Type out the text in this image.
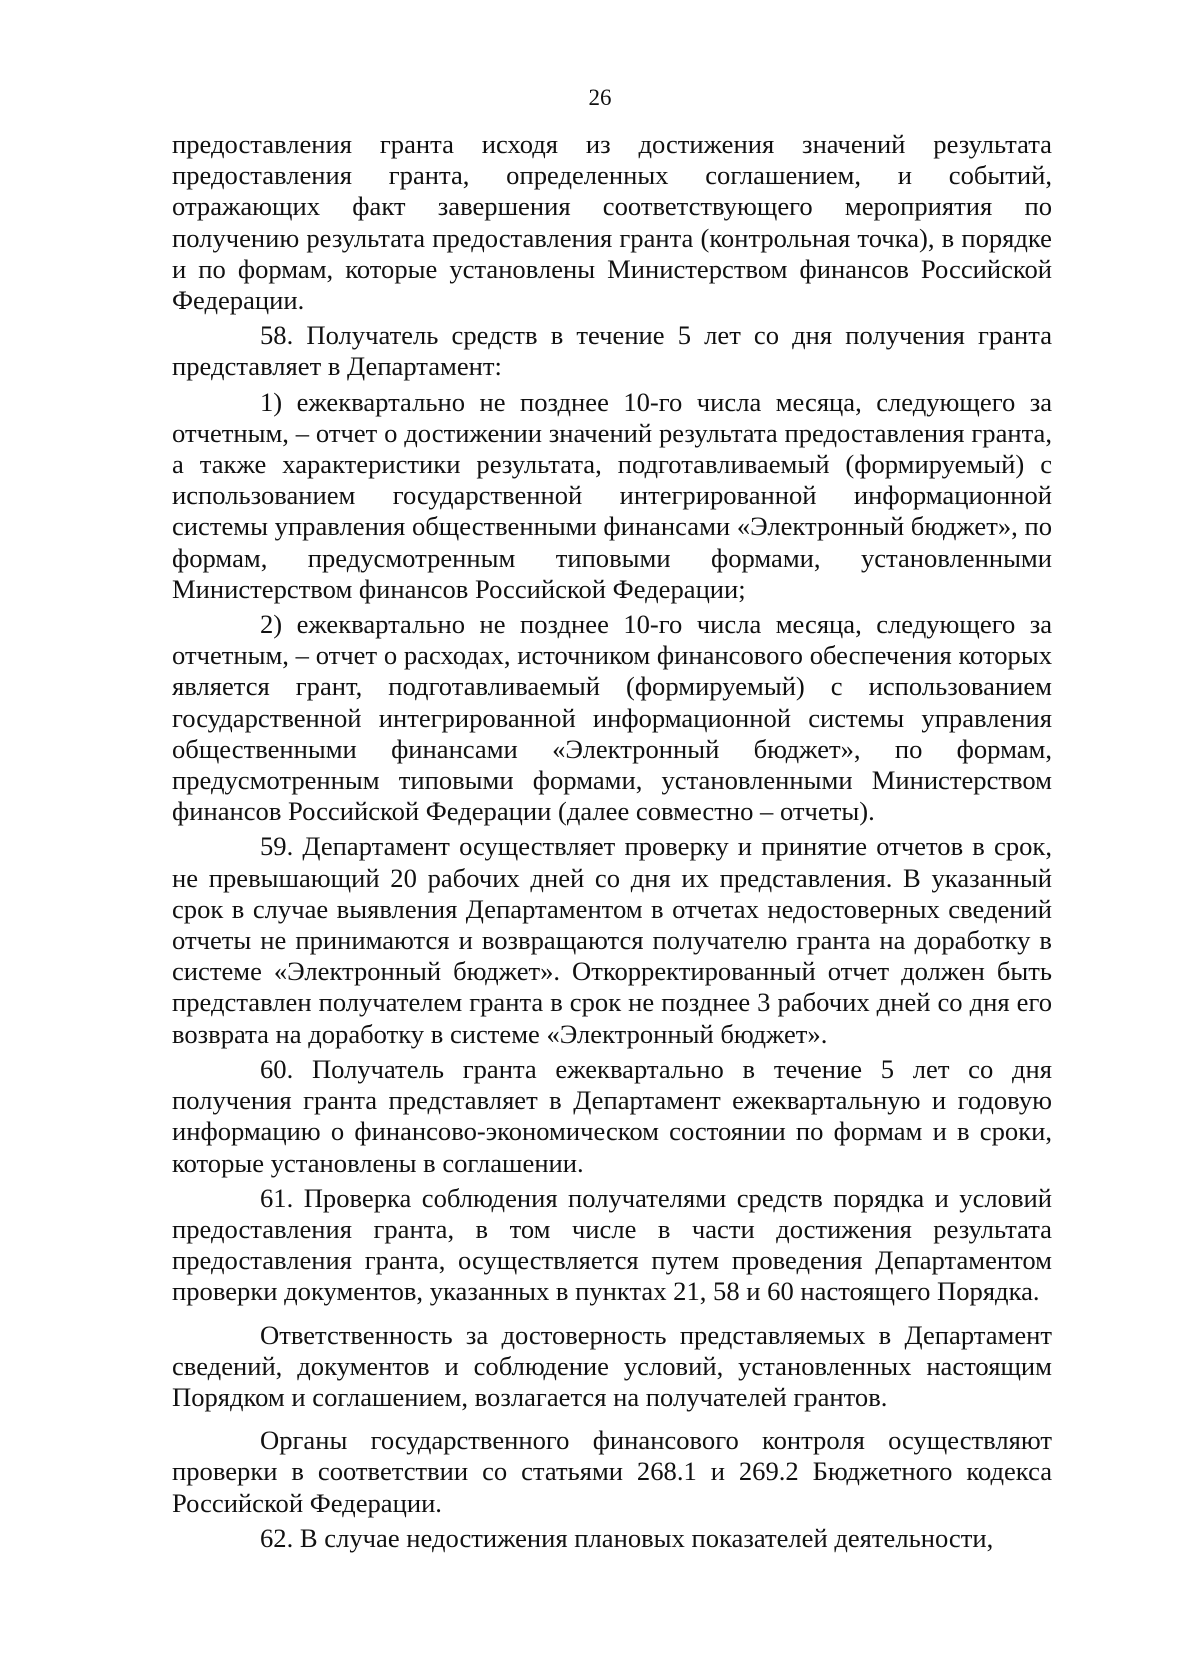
26

предоставления гранта исходя из достижения значений результата предоставления гранта, определенных соглашением, и событий, отражающих факт завершения соответствующего мероприятия по получению результата предоставления гранта (контрольная точка), в порядке и по формам, которые установлены Министерством финансов Российской Федерации.

58. Получатель средств в течение 5 лет со дня получения гранта представляет в Департамент:

1) ежеквартально не позднее 10-го числа месяца, следующего за отчетным, – отчет о достижении значений результата предоставления гранта, а также характеристики результата, подготавливаемый (формируемый) с использованием государственной интегрированной информационной системы управления общественными финансами «Электронный бюджет», по формам, предусмотренным типовыми формами, установленными Министерством финансов Российской Федерации;

2) ежеквартально не позднее 10-го числа месяца, следующего за отчетным, – отчет о расходах, источником финансового обеспечения которых является грант, подготавливаемый (формируемый) с использованием государственной интегрированной информационной системы управления общественными финансами «Электронный бюджет», по формам, предусмотренным типовыми формами, установленными Министерством финансов Российской Федерации (далее совместно – отчеты).

59. Департамент осуществляет проверку и принятие отчетов в срок, не превышающий 20 рабочих дней со дня их представления. В указанный срок в случае выявления Департаментом в отчетах недостоверных сведений отчеты не принимаются и возвращаются получателю гранта на доработку в системе «Электронный бюджет». Откорректированный отчет должен быть представлен получателем гранта в срок не позднее 3 рабочих дней со дня его возврата на доработку в системе «Электронный бюджет».

60. Получатель гранта ежеквартально в течение 5 лет со дня получения гранта представляет в Департамент ежеквартальную и годовую информацию о финансово-экономическом состоянии по формам и в сроки, которые установлены в соглашении.

61. Проверка соблюдения получателями средств порядка и условий предоставления гранта, в том числе в части достижения результата предоставления гранта, осуществляется путем проведения Департаментом проверки документов, указанных в пунктах 21, 58 и 60 настоящего Порядка.

Ответственность за достоверность представляемых в Департамент сведений, документов и соблюдение условий, установленных настоящим Порядком и соглашением, возлагается на получателей грантов.

Органы государственного финансового контроля осуществляют проверки в соответствии со статьями 268.1 и 269.2 Бюджетного кодекса Российской Федерации.

62. В случае недостижения плановых показателей деятельности,
